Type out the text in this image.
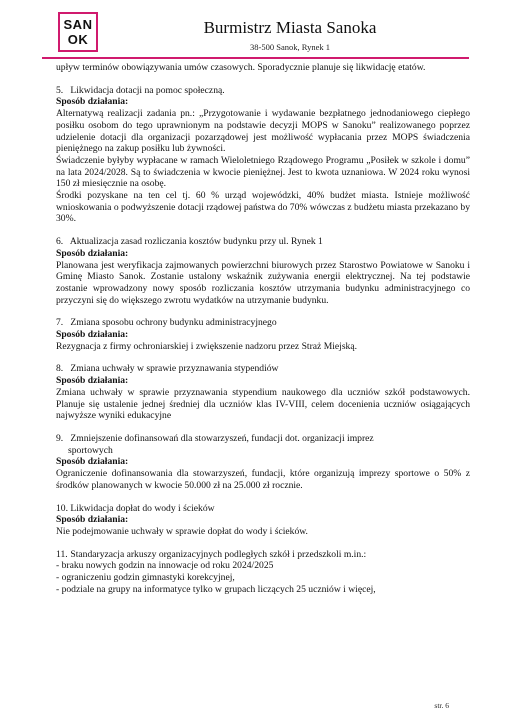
SAN
OK
Burmistrz Miasta Sanoka
38-500 Sanok, Rynek 1

upływ terminów obowiązywania umów czasowych. Sporadycznie planuje się likwidację etatów.

5. Likwidacja dotacji na pomoc społeczną.

Sposób działania:

Alternatywą realizacji zadania pn.: „Przygotowanie i wydawanie bezpłatnego jednodaniowego ciepłego posiłku osobom do tego uprawnionym na podstawie decyzji MOPS w Sanoku” realizowanego poprzez udzielenie dotacji dla organizacji pozarządowej jest możliwość wypłacania przez MOPS świadczenia pieniężnego na zakup posiłku lub żywności.

Świadczenie byłyby wypłacane w ramach Wieloletniego Rządowego Programu „Posiłek w szkole i domu” na lata 2024/2028. Są to świadczenia w kwocie pieniężnej. Jest to kwota uznaniowa. W 2024 roku wynosi 150 zł miesięcznie na osobę.

Środki pozyskane na ten cel tj. 60 % urząd wojewódzki, 40% budżet miasta. Istnieje możliwość wnioskowania o podwyższenie dotacji rządowej państwa do 70% wówczas z budżetu miasta przekazano by 30%.

6. Aktualizacja zasad rozliczania kosztów budynku przy ul. Rynek 1

Sposób działania:

Planowana jest weryfikacja zajmowanych powierzchni biurowych przez Starostwo Powiatowe w Sanoku i Gminę Miasto Sanok. Zostanie ustalony wskaźnik zużywania energii elektrycznej. Na tej podstawie zostanie wprowadzony nowy sposób rozliczania kosztów utrzymania budynku administracyjnego co przyczyni się do większego zwrotu wydatków na utrzymanie budynku.

7. Zmiana sposobu ochrony budynku administracyjnego

Sposób działania:

Rezygnacja z firmy ochroniarskiej i zwiększenie nadzoru przez Straż Miejską.

8. Zmiana uchwały w sprawie przyznawania stypendiów

Sposób działania:

Zmiana uchwały w sprawie przyznawania stypendium naukowego dla uczniów szkół podstawowych. Planuje się ustalenie jednej średniej dla uczniów klas IV-VIII, celem docenienia uczniów osiągających najwyższe wyniki edukacyjne

9. Zmniejszenie dofinansowań dla stowarzyszeń, fundacji dot. organizacji imprez

sportowych

Sposób działania:

Ograniczenie dofinansowania dla stowarzyszeń, fundacji, które organizują imprezy sportowe o 50% z środków planowanych w kwocie 50.000 zł na 25.000 zł rocznie.

10. Likwidacja dopłat do wody i ścieków

Sposób działania:

Nie podejmowanie uchwały w sprawie dopłat do wody i ścieków.

11. Standaryzacja arkuszy organizacyjnych podległych szkół i przedszkoli m.in.:

- braku nowych godzin na innowacje od roku 2024/2025

- ograniczeniu godzin gimnastyki korekcyjnej,

- podziale na grupy na informatyce tylko w grupach liczących 25 uczniów i więcej,

str. 6
